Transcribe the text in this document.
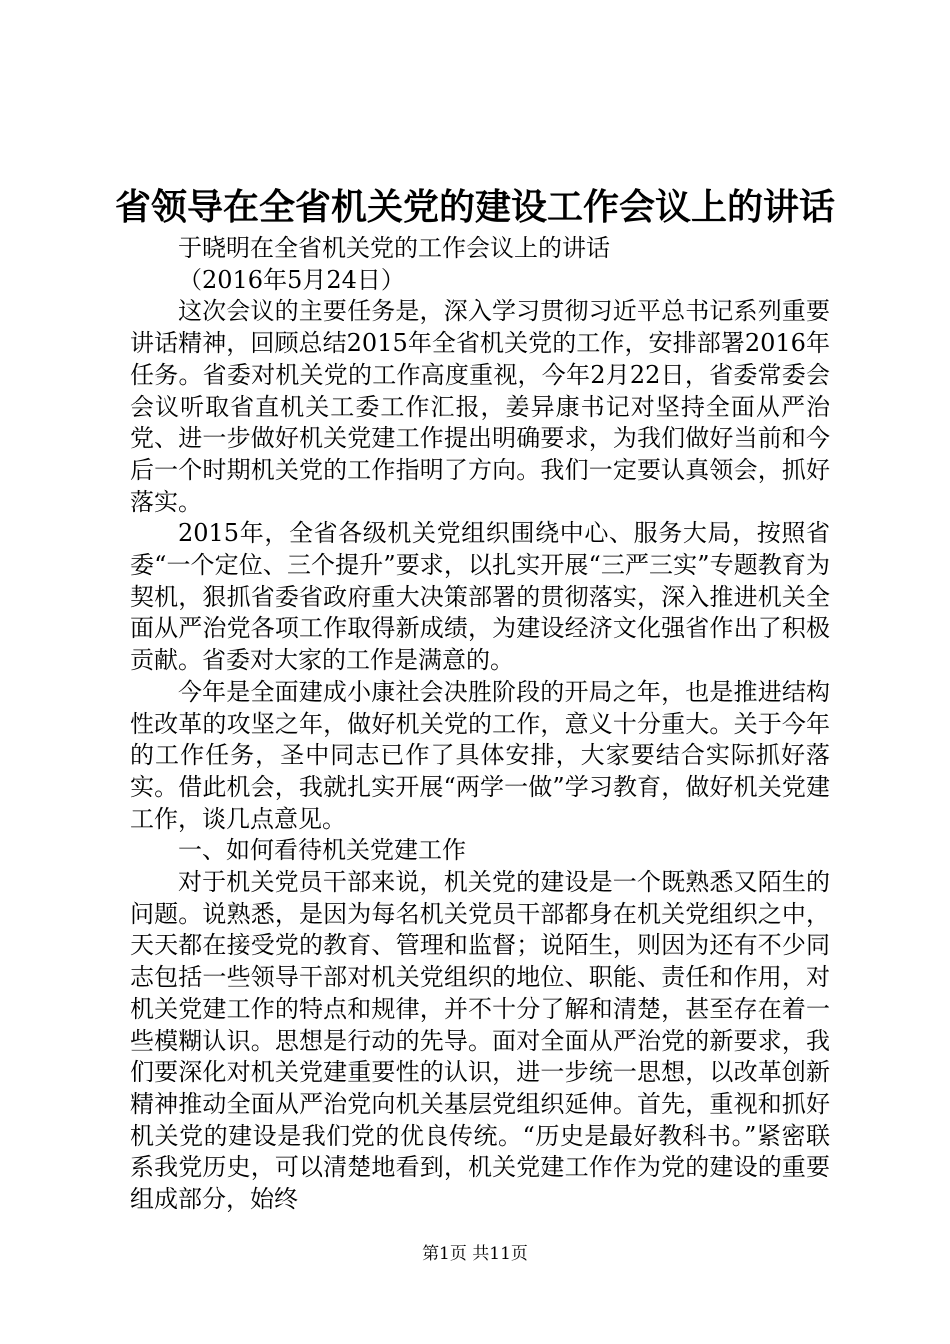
省领导在全省机关党的建设工作会议上的讲话

于晓明在全省机关党的工作会议上的讲话

（2016年5月24日）

这次会议的主要任务是，深入学习贯彻习近平总书记系列重要讲话精神，回顾总结2015年全省机关党的工作，安排部署2016年任务。省委对机关党的工作高度重视，今年2月22日，省委常委会会议听取省直机关工委工作汇报，姜异康书记对坚持全面从严治党、进一步做好机关党建工作提出明确要求，为我们做好当前和今后一个时期机关党的工作指明了方向。我们一定要认真领会，抓好落实。

2015年，全省各级机关党组织围绕中心、服务大局，按照省委“一个定位、三个提升”要求，以扎实开展“三严三实”专题教育为契机，狠抓省委省政府重大决策部署的贯彻落实，深入推进机关全面从严治党各项工作取得新成绩，为建设经济文化强省作出了积极贡献。省委对大家的工作是满意的。

今年是全面建成小康社会决胜阶段的开局之年，也是推进结构性改革的攻坚之年，做好机关党的工作，意义十分重大。关于今年的工作任务，圣中同志已作了具体安排，大家要结合实际抓好落实。借此机会，我就扎实开展“两学一做”学习教育，做好机关党建工作，谈几点意见。

一、如何看待机关党建工作

对于机关党员干部来说，机关党的建设是一个既熟悉又陌生的问题。说熟悉，是因为每名机关党员干部都身在机关党组织之中，天天都在接受党的教育、管理和监督；说陌生，则因为还有不少同志包括一些领导干部对机关党组织的地位、职能、责任和作用，对机关党建工作的特点和规律，并不十分了解和清楚，甚至存在着一些模糊认识。思想是行动的先导。面对全面从严治党的新要求，我们要深化对机关党建重要性的认识，进一步统一思想，以改革创新精神推动全面从严治党向机关基层党组织延伸。首先，重视和抓好机关党的建设是我们党的优良传统。“历史是最好教科书。”紧密联系我党历史，可以清楚地看到，机关党建工作作为党的建设的重要组成部分，始终

第1页 共11页
